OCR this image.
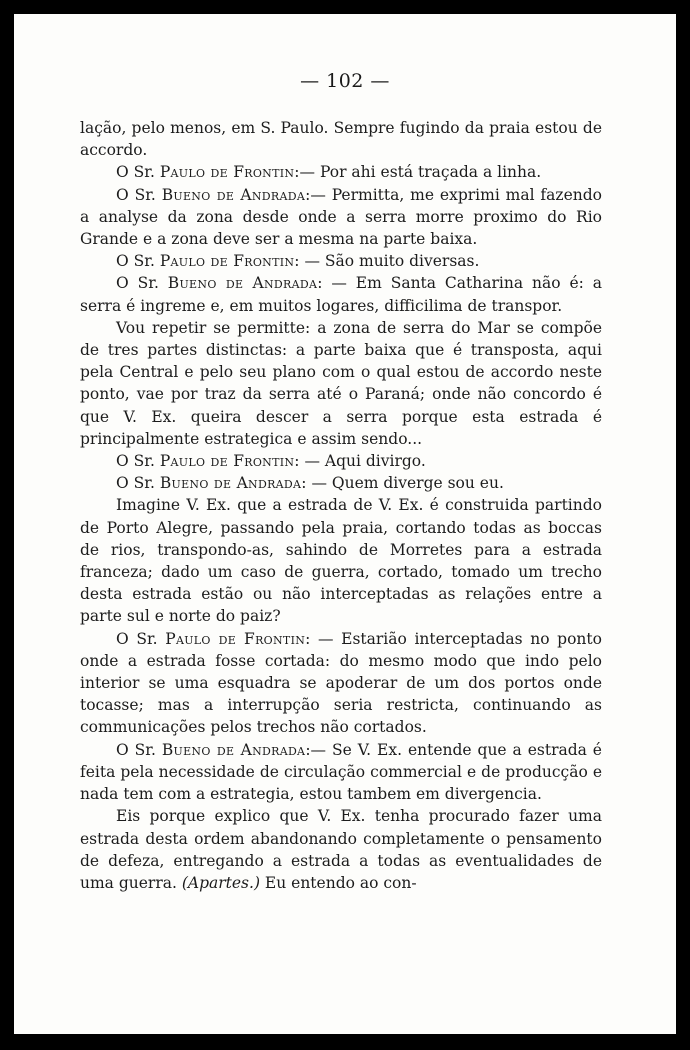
— 102 —

lação, pelo menos, em S. Paulo. Sempre fugindo da praia estou de accordo.

O Sr. Paulo de Frontin:— Por ahi está traçada a linha.

O Sr. Bueno de Andrada:— Permitta, me exprimi mal fazendo a analyse da zona desde onde a serra morre proximo do Rio Grande e a zona deve ser a mesma na parte baixa.

O Sr. Paulo de Frontin: — São muito diversas.

O Sr. Bueno de Andrada: — Em Santa Catharina não é: a serra é ingreme e, em muitos logares, difficilima de transpor.

Vou repetir se permitte: a zona de serra do Mar se compõe de tres partes distinctas: a parte baixa que é transposta, aqui pela Central e pelo seu plano com o qual estou de accordo neste ponto, vae por traz da serra até o Paraná; onde não concordo é que V. Ex. queira descer a serra porque esta estrada é principalmente estrategica e assim sendo...

O Sr. Paulo de Frontin: — Aqui divirgo.

O Sr. Bueno de Andrada: — Quem diverge sou eu.

Imagine V. Ex. que a estrada de V. Ex. é construida partindo de Porto Alegre, passando pela praia, cortando todas as boccas de rios, transpondo-as, sahindo de Morretes para a estrada franceza; dado um caso de guerra, cortado, tomado um trecho desta estrada estão ou não interceptadas as relações entre a parte sul e norte do paiz?

O Sr. Paulo de Frontin: — Estarião interceptadas no ponto onde a estrada fosse cortada: do mesmo modo que indo pelo interior se uma esquadra se apoderar de um dos portos onde tocasse; mas a interrupção seria restricta, continuando as communicações pelos trechos não cortados.

O Sr. Bueno de Andrada:— Se V. Ex. entende que a estrada é feita pela necessidade de circulação commercial e de producção e nada tem com a estrategia, estou tambem em divergencia.

Eis porque explico que V. Ex. tenha procurado fazer uma estrada desta ordem abandonando completamente o pensamento de defeza, entregando a estrada a todas as eventualidades de uma guerra. (Apartes.) Eu entendo ao con-
